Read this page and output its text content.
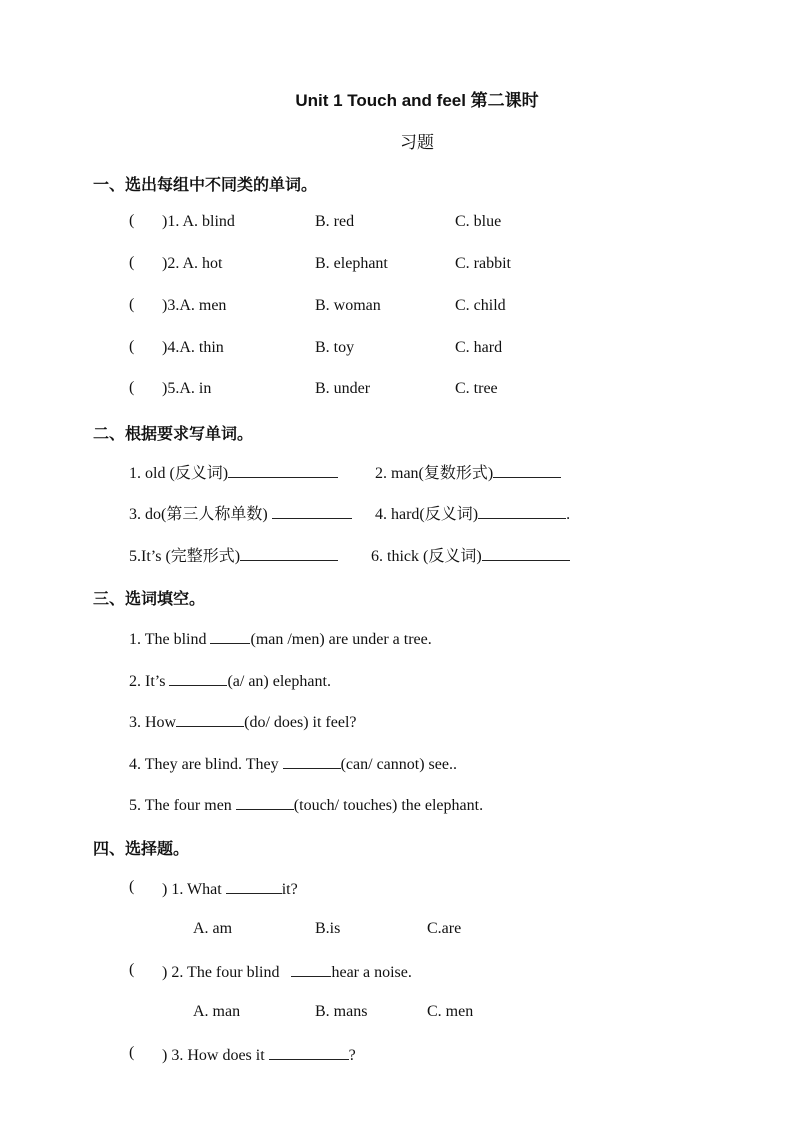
Unit 1 Touch and feel 第二课时
习题
一、选出每组中不同类的单词。
( )1. A. blind	B. red	C. blue
( )2. A. hot	B. elephant	C. rabbit
( )3.A. men	B. woman	C. child
( )4.A. thin	B. toy	C. hard
( )5.A. in	B. under	C. tree
二、根据要求写单词。
1. old (反义词)	2. man(复数形式)
3. do(第三人称单数)	4. hard(反义词)	.
5.It’s (完整形式)	6. thick (反义词)
三、选词填空。
1. The blind	(man /men) are under a tree.
2. It’s	(a/ an) elephant.
3. How	(do/ does) it feel?
4. They are blind. They	(can/ cannot) see..
5. The four men	(touch/ touches) the elephant.
四、选择题。
( ) 1. What	it?
A. am	B.is	C.are
( ) 2. The four blind	hear a noise.
A. man	B. mans	C. men
( ) 3. How does it	?
